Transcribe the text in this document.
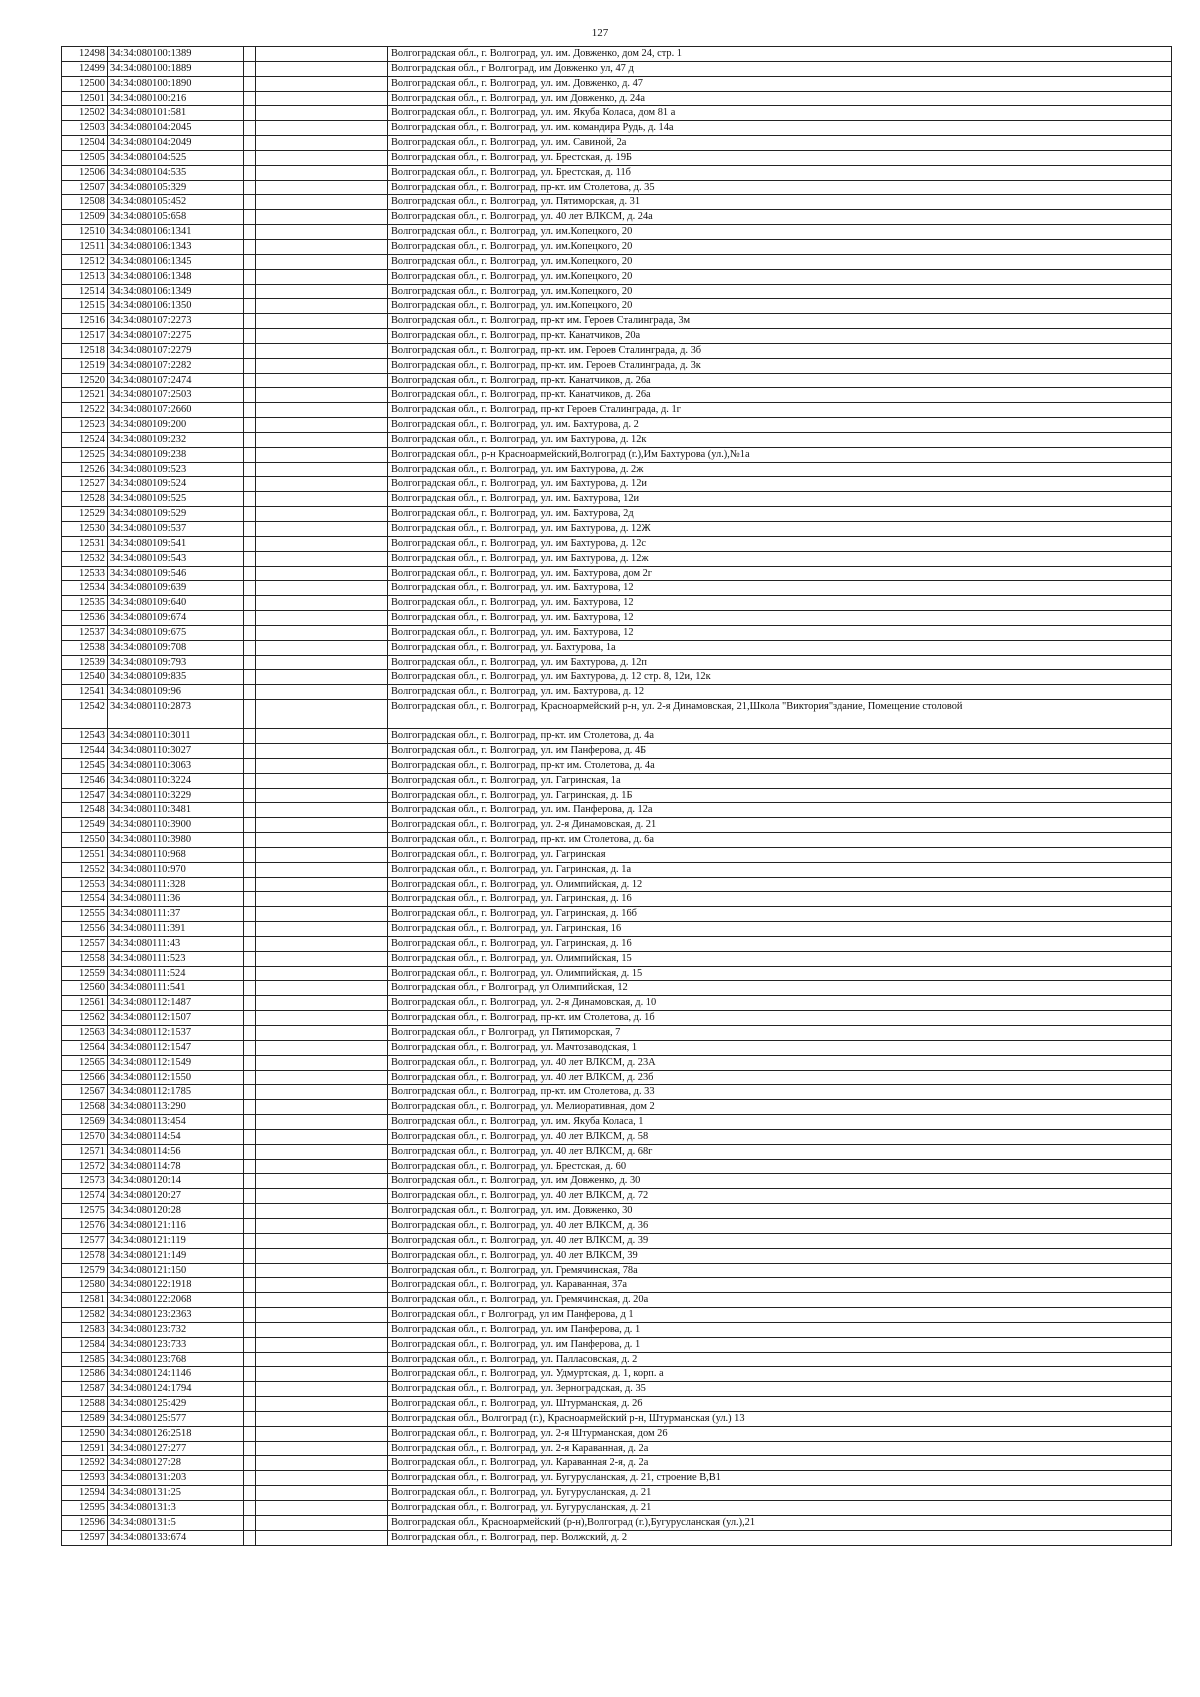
127
12498	34:34:080100:1389			Волгоградская обл., г. Волгоград, ул. им. Довженко, дом 24, стр. 1
12499	34:34:080100:1889			Волгоградская обл., г Волгоград, им Довженко ул, 47 д
12500	34:34:080100:1890			Волгоградская обл., г. Волгоград, ул. им. Довженко, д. 47
12501	34:34:080100:216			Волгоградская обл., г. Волгоград, ул. им Довженко, д. 24а
12502	34:34:080101:581			Волгоградская обл., г. Волгоград, ул. им. Якуба Коласа, дом 81 а
12503	34:34:080104:2045			Волгоградская обл., г. Волгоград, ул. им. командира Рудь, д. 14а
12504	34:34:080104:2049			Волгоградская обл., г. Волгоград, ул. им. Савиной, 2а
12505	34:34:080104:525			Волгоградская обл., г. Волгоград, ул. Брестская, д. 19Б
12506	34:34:080104:535			Волгоградская обл., г. Волгоград, ул. Брестская, д. 11б
12507	34:34:080105:329			Волгоградская обл., г. Волгоград, пр-кт. им Столетова, д. 35
12508	34:34:080105:452			Волгоградская обл., г. Волгоград, ул. Пятиморская, д. 31
12509	34:34:080105:658			Волгоградская обл., г. Волгоград, ул. 40 лет ВЛКСМ, д. 24а
12510	34:34:080106:1341			Волгоградская обл., г. Волгоград, ул. им.Копецкого, 20
12511	34:34:080106:1343			Волгоградская обл., г. Волгоград, ул. им.Копецкого, 20
12512	34:34:080106:1345			Волгоградская обл., г. Волгоград, ул. им.Копецкого, 20
12513	34:34:080106:1348			Волгоградская обл., г. Волгоград, ул. им.Копецкого, 20
12514	34:34:080106:1349			Волгоградская обл., г. Волгоград, ул. им.Копецкого, 20
12515	34:34:080106:1350			Волгоградская обл., г. Волгоград, ул. им.Копецкого, 20
12516	34:34:080107:2273			Волгоградская обл., г. Волгоград, пр-кт им. Героев Сталинграда, 3м
12517	34:34:080107:2275			Волгоградская обл., г. Волгоград, пр-кт. Канатчиков, 20а
12518	34:34:080107:2279			Волгоградская обл., г. Волгоград, пр-кт. им. Героев Сталинграда, д. 3б
12519	34:34:080107:2282			Волгоградская обл., г. Волгоград, пр-кт. им. Героев Сталинграда, д. 3к
12520	34:34:080107:2474			Волгоградская обл., г. Волгоград, пр-кт. Канатчиков, д. 26а
12521	34:34:080107:2503			Волгоградская обл., г. Волгоград, пр-кт. Канатчиков, д. 26а
12522	34:34:080107:2660			Волгоградская обл., г. Волгоград, пр-кт Героев Сталинграда, д. 1г
12523	34:34:080109:200			Волгоградская обл., г. Волгоград, ул. им. Бахтурова, д. 2
12524	34:34:080109:232			Волгоградская обл., г. Волгоград, ул. им Бахтурова, д. 12к
12525	34:34:080109:238			Волгоградская обл., р-н Красноармейский,Волгоград (г.),Им Бахтурова (ул.),№1а
12526	34:34:080109:523			Волгоградская обл., г. Волгоград, ул. им Бахтурова, д. 2ж
12527	34:34:080109:524			Волгоградская обл., г. Волгоград, ул. им Бахтурова, д. 12и
12528	34:34:080109:525			Волгоградская обл., г. Волгоград, ул. им. Бахтурова, 12и
12529	34:34:080109:529			Волгоградская обл., г. Волгоград, ул. им. Бахтурова, 2д
12530	34:34:080109:537			Волгоградская обл., г. Волгоград, ул. им Бахтурова, д. 12Ж
12531	34:34:080109:541			Волгоградская обл., г. Волгоград, ул. им Бахтурова, д. 12с
12532	34:34:080109:543			Волгоградская обл., г. Волгоград, ул. им Бахтурова, д. 12ж
12533	34:34:080109:546			Волгоградская обл., г. Волгоград, ул. им. Бахтурова, дом 2г
12534	34:34:080109:639			Волгоградская обл., г. Волгоград, ул. им. Бахтурова, 12
12535	34:34:080109:640			Волгоградская обл., г. Волгоград, ул. им. Бахтурова, 12
12536	34:34:080109:674			Волгоградская обл., г. Волгоград, ул. им. Бахтурова, 12
12537	34:34:080109:675			Волгоградская обл., г. Волгоград, ул. им. Бахтурова, 12
12538	34:34:080109:708			Волгоградская обл., г. Волгоград, ул. Бахтурова, 1а
12539	34:34:080109:793			Волгоградская обл., г. Волгоград, ул. им Бахтурова, д. 12п
12540	34:34:080109:835			Волгоградская обл., г. Волгоград, ул. им Бахтурова, д. 12 стр. 8, 12и, 12к
12541	34:34:080109:96			Волгоградская обл., г. Волгоград, ул. им. Бахтурова, д. 12
12542	34:34:080110:2873			Волгоградская обл., г. Волгоград, Красноармейский р-н, ул. 2-я Динамовская, 21,Школа "Виктория"здание, Помещение столовой
12543	34:34:080110:3011			Волгоградская обл., г. Волгоград, пр-кт. им Столетова, д. 4а
12544	34:34:080110:3027			Волгоградская обл., г. Волгоград, ул. им Панферова, д. 4Б
12545	34:34:080110:3063			Волгоградская обл., г. Волгоград, пр-кт им. Столетова, д. 4а
12546	34:34:080110:3224			Волгоградская обл., г. Волгоград, ул. Гагринская, 1а
12547	34:34:080110:3229			Волгоградская обл., г. Волгоград, ул. Гагринская, д. 1Б
12548	34:34:080110:3481			Волгоградская обл., г. Волгоград, ул. им. Панферова, д. 12а
12549	34:34:080110:3900			Волгоградская обл., г. Волгоград, ул. 2-я Динамовская, д. 21
12550	34:34:080110:3980			Волгоградская обл., г. Волгоград, пр-кт. им Столетова, д. 6а
12551	34:34:080110:968			Волгоградская обл., г. Волгоград, ул. Гагринская
12552	34:34:080110:970			Волгоградская обл., г. Волгоград, ул. Гагринская, д. 1а
12553	34:34:080111:328			Волгоградская обл., г. Волгоград, ул. Олимпийская, д. 12
12554	34:34:080111:36			Волгоградская обл., г. Волгоград, ул. Гагринская, д. 16
12555	34:34:080111:37			Волгоградская обл., г. Волгоград, ул. Гагринская, д. 16б
12556	34:34:080111:391			Волгоградская обл., г. Волгоград, ул. Гагринская, 16
12557	34:34:080111:43			Волгоградская обл., г. Волгоград, ул. Гагринская, д. 16
12558	34:34:080111:523			Волгоградская обл., г. Волгоград, ул. Олимпийская, 15
12559	34:34:080111:524			Волгоградская обл., г. Волгоград, ул. Олимпийская, д. 15
12560	34:34:080111:541			Волгоградская обл., г Волгоград, ул Олимпийская, 12
12561	34:34:080112:1487			Волгоградская обл., г. Волгоград, ул. 2-я Динамовская, д. 10
12562	34:34:080112:1507			Волгоградская обл., г. Волгоград, пр-кт. им Столетова, д. 1б
12563	34:34:080112:1537			Волгоградская обл., г Волгоград, ул Пятиморская, 7
12564	34:34:080112:1547			Волгоградская обл., г. Волгоград, ул. Мачтозаводская, 1
12565	34:34:080112:1549			Волгоградская обл., г. Волгоград, ул. 40 лет ВЛКСМ, д. 23А
12566	34:34:080112:1550			Волгоградская обл., г. Волгоград, ул. 40 лет ВЛКСМ, д. 23б
12567	34:34:080112:1785			Волгоградская обл., г. Волгоград, пр-кт. им Столетова, д. 33
12568	34:34:080113:290			Волгоградская обл., г. Волгоград, ул. Мелиоративная, дом 2
12569	34:34:080113:454			Волгоградская обл., г. Волгоград, ул. им. Якуба Коласа, 1
12570	34:34:080114:54			Волгоградская обл., г. Волгоград, ул. 40 лет ВЛКСМ, д. 58
12571	34:34:080114:56			Волгоградская обл., г. Волгоград, ул. 40 лет ВЛКСМ, д. 68г
12572	34:34:080114:78			Волгоградская обл., г. Волгоград, ул. Брестская, д. 60
12573	34:34:080120:14			Волгоградская обл., г. Волгоград, ул. им Довженко, д. 30
12574	34:34:080120:27			Волгоградская обл., г. Волгоград, ул. 40 лет ВЛКСМ, д. 72
12575	34:34:080120:28			Волгоградская обл., г. Волгоград, ул. им. Довженко, 30
12576	34:34:080121:116			Волгоградская обл., г. Волгоград, ул. 40 лет ВЛКСМ, д. 36
12577	34:34:080121:119			Волгоградская обл., г. Волгоград, ул. 40 лет ВЛКСМ, д. 39
12578	34:34:080121:149			Волгоградская обл., г. Волгоград, ул. 40 лет ВЛКСМ, 39
12579	34:34:080121:150			Волгоградская обл., г. Волгоград, ул. Гремячинская, 78а
12580	34:34:080122:1918			Волгоградская обл., г. Волгоград, ул. Караванная, 37а
12581	34:34:080122:2068			Волгоградская обл., г. Волгоград, ул. Гремячинская, д. 20а
12582	34:34:080123:2363			Волгоградская обл., г Волгоград, ул им Панферова, д 1
12583	34:34:080123:732			Волгоградская обл., г. Волгоград, ул. им Панферова, д. 1
12584	34:34:080123:733			Волгоградская обл., г. Волгоград, ул. им Панферова, д. 1
12585	34:34:080123:768			Волгоградская обл., г. Волгоград, ул. Палласовская, д. 2
12586	34:34:080124:1146			Волгоградская обл., г. Волгоград, ул. Удмуртская, д. 1, корп. а
12587	34:34:080124:1794			Волгоградская обл., г. Волгоград, ул. Зерноградская, д. 35
12588	34:34:080125:429			Волгоградская обл., г. Волгоград, ул. Штурманская, д. 26
12589	34:34:080125:577			Волгоградская обл., Волгоград (г.), Красноармейский р-н, Штурманская (ул.) 13
12590	34:34:080126:2518			Волгоградская обл., г. Волгоград, ул. 2-я Штурманская, дом 26
12591	34:34:080127:277			Волгоградская обл., г. Волгоград, ул. 2-я Караванная, д. 2а
12592	34:34:080127:28			Волгоградская обл., г. Волгоград, ул. Караванная 2-я, д. 2а
12593	34:34:080131:203			Волгоградская обл., г. Волгоград, ул. Бугурусланская, д. 21, строение В,В1
12594	34:34:080131:25			Волгоградская обл., г. Волгоград, ул. Бугурусланская, д. 21
12595	34:34:080131:3			Волгоградская обл., г. Волгоград, ул. Бугурусланская, д. 21
12596	34:34:080131:5			Волгоградская обл., Красноармейский (р-н),Волгоград (г.),Бугурусланская (ул.),21
12597	34:34:080133:674			Волгоградская обл., г. Волгоград, пер. Волжский, д. 2
